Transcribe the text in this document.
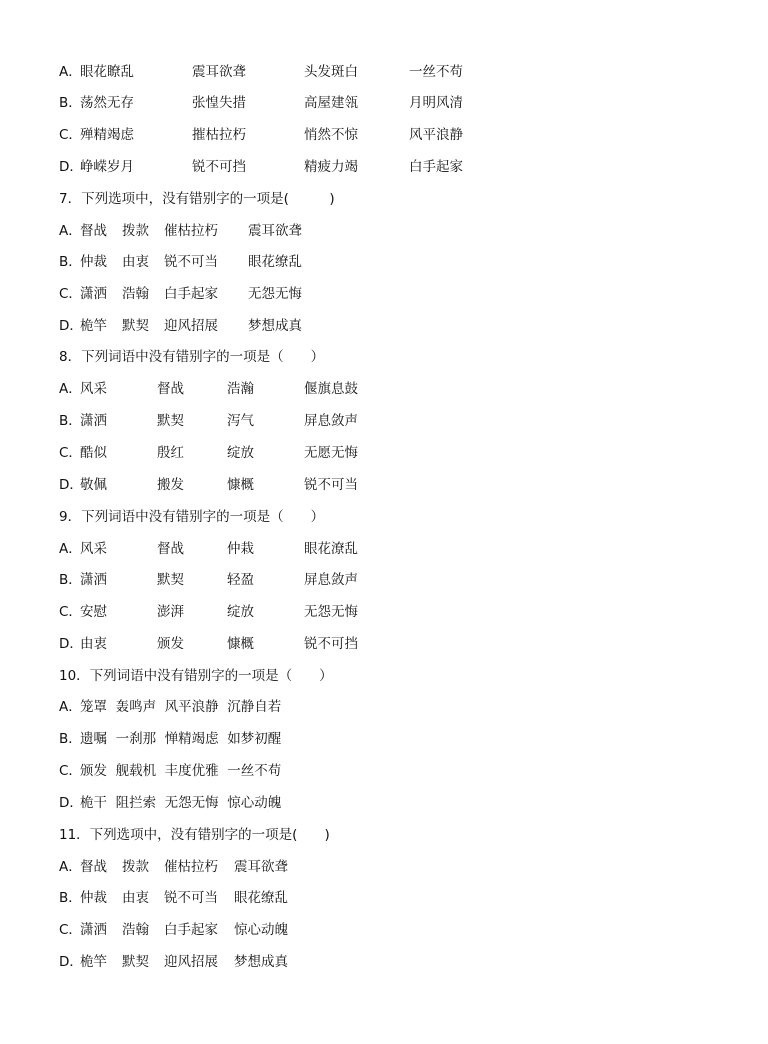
A．
眼花瞭乱	震耳欲聋	头发斑白	一丝不苟
B．
荡然无存	张惶失措	高屋建瓴	月明风清
C．
殚精竭虑	摧枯拉朽	悄然不惊	风平浪静
D．
峥嵘岁月	锐不可挡	精疲力竭	白手起家
7．下列选项中，没有错别字的一项是(　　　)
A．
督战 拨款 催枯拉朽 震耳欲聋
B．
仲裁 由衷 锐不可当 眼花缭乱
C．
潇洒 浩翰 白手起家 无怨无悔
D．
桅竿 默契 迎风招展 梦想成真
8．下列词语中没有错别字的一项是（　　）
A．
风采	督战	浩瀚	偃旗息鼓
B．
潇洒	默契	泻气	屏息敛声
C．
酷似	殷红	绽放	无愿无悔
D．
敬佩	搬发	慷概	锐不可当
9．下列词语中没有错别字的一项是（　　）
A．
风采	督战	仲栽	眼花潦乱
B．
潇洒	默契	轻盈	屏息敛声
C．
安慰	澎湃	绽放	无怨无悔
D．
由衷	颁发	慷概	锐不可挡
10．下列词语中没有错别字的一项是（　　）
A．
笼罩  轰鸣声  风平浪静  沉静自若
B．
遗嘱  一刹那  惮精竭虑  如梦初醒
C．
颁发  舰载机  丰度优雅  一丝不苟
D．
桅干  阻拦索  无怨无悔  惊心动魄
11．下列选项中，没有错别字的一项是(　　)
A．
督战 拨款 催枯拉朽 震耳欲聋
B．
仲裁 由衷 锐不可当 眼花缭乱
C．
潇洒 浩翰 白手起家 惊心动魄
D．
桅竿 默契 迎风招展 梦想成真
